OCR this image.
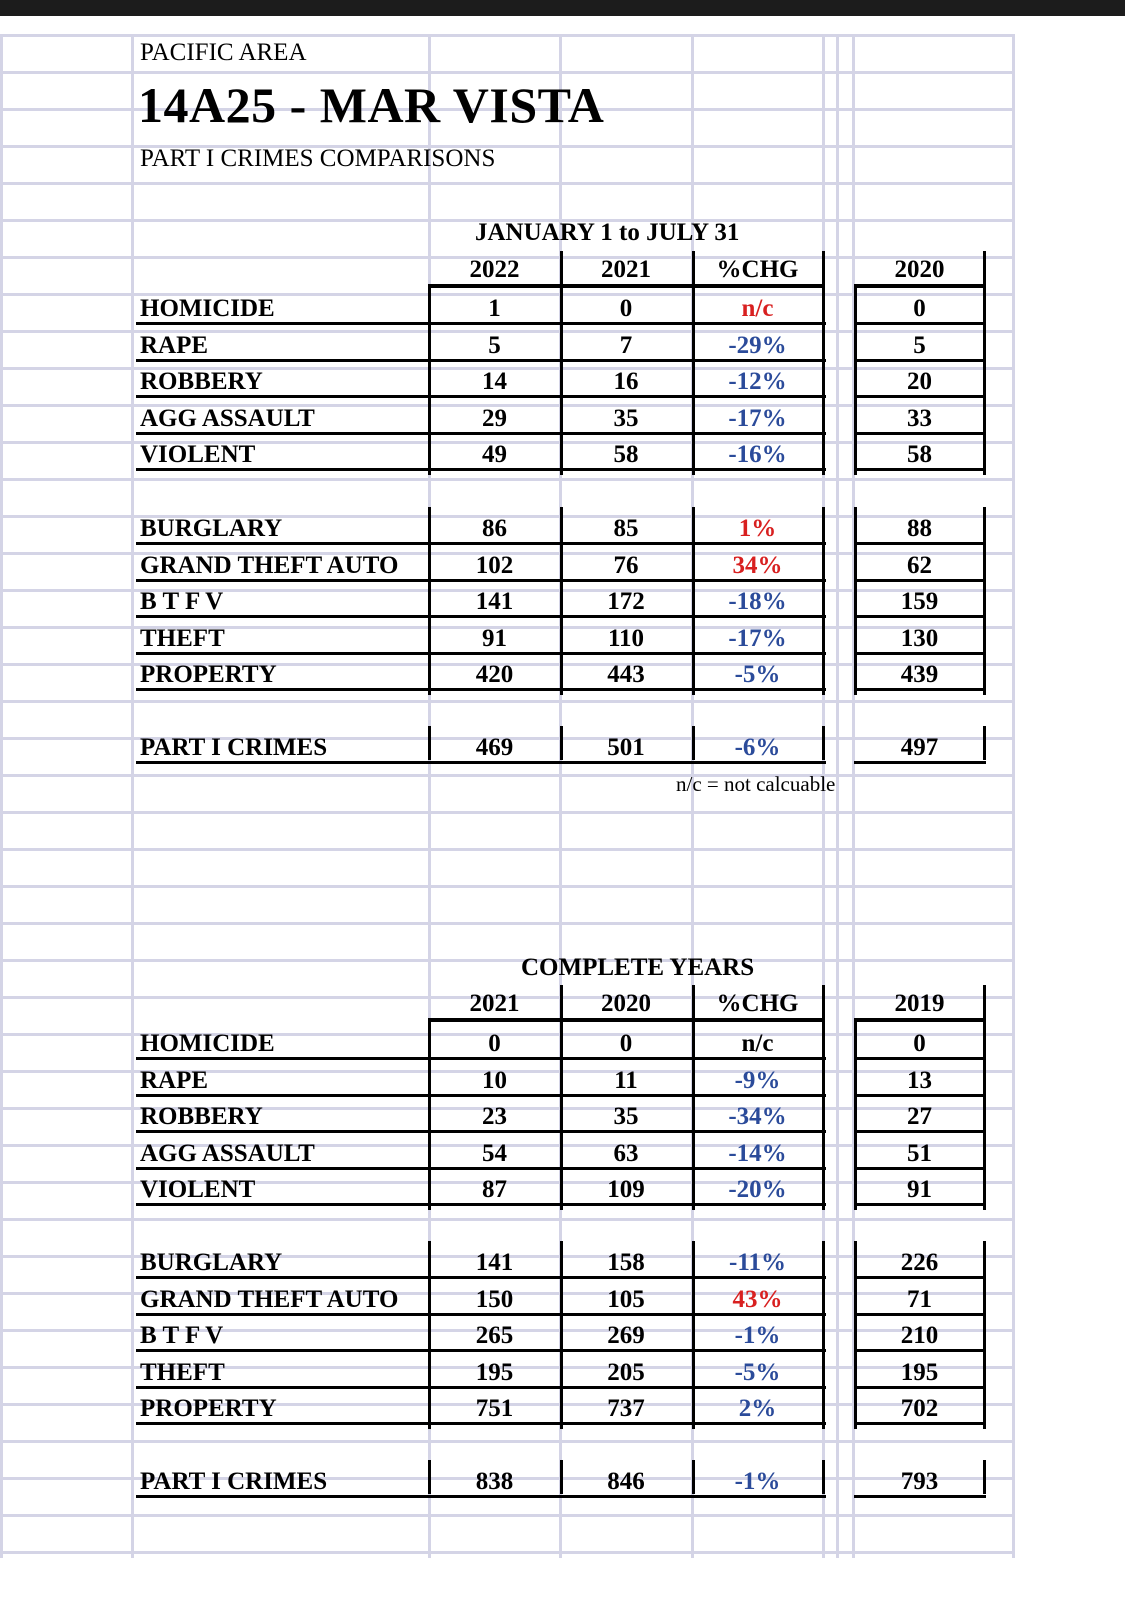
PACIFIC AREA
14A25 - MAR VISTA
PART I CRIMES COMPARISONS
JANUARY 1 to JULY 31
2022	2021	%CHG	2020
HOMICIDE	1	0	n/c	0
RAPE	5	7	-29%	5
ROBBERY	14	16	-12%	20
AGG ASSAULT	29	35	-17%	33
VIOLENT	49	58	-16%	58
BURGLARY	86	85	1%	88
GRAND THEFT AUTO	102	76	34%	62
B T F V	141	172	-18%	159
THEFT	91	110	-17%	130
PROPERTY	420	443	-5%	439
PART I CRIMES	469	501	-6%	497
n/c = not calcuable
COMPLETE YEARS
2021	2020	%CHG	2019
HOMICIDE	0	0	n/c	0
RAPE	10	11	-9%	13
ROBBERY	23	35	-34%	27
AGG ASSAULT	54	63	-14%	51
VIOLENT	87	109	-20%	91
BURGLARY	141	158	-11%	226
GRAND THEFT AUTO	150	105	43%	71
B T F V	265	269	-1%	210
THEFT	195	205	-5%	195
PROPERTY	751	737	2%	702
PART I CRIMES	838	846	-1%	793
